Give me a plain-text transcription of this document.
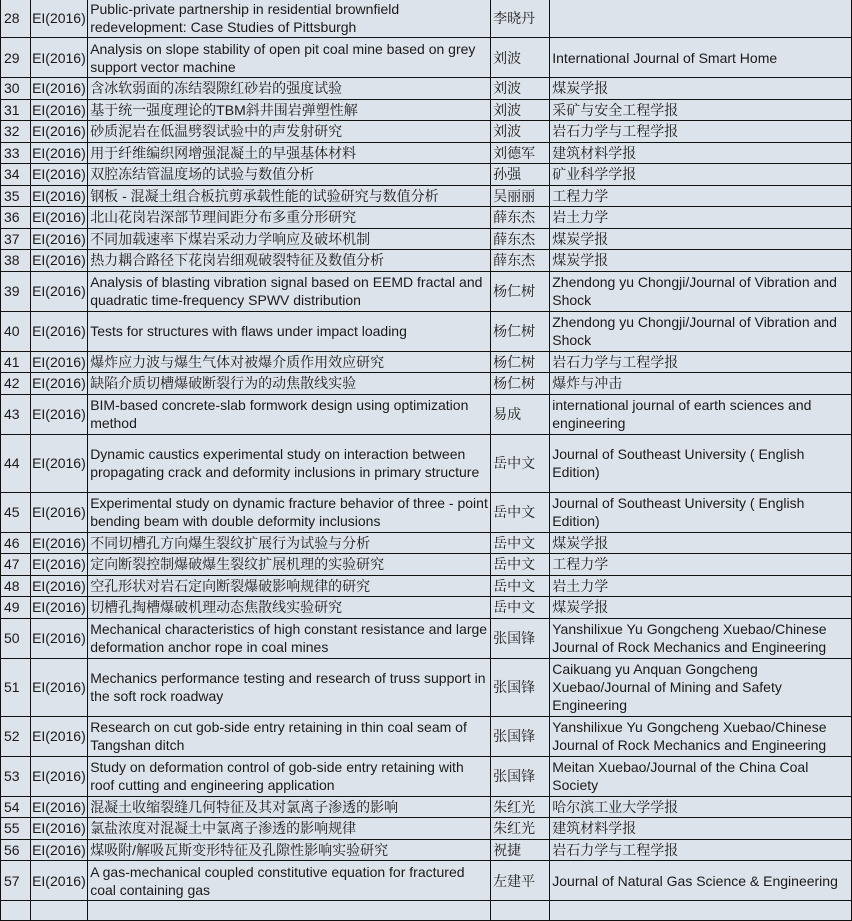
28	EI(2016)	Public-private partnership in residential brownfield redevelopment: Case Studies of Pittsburgh	李晓丹	
29	EI(2016)	Analysis on slope stability of open pit coal mine based on grey support vector machine	刘波	International Journal of Smart Home
30	EI(2016)	含冰软弱面的冻结裂隙红砂岩的强度试验	刘波	煤炭学报
31	EI(2016)	基于统一强度理论的TBM斜井围岩弹塑性解	刘波	采矿与安全工程学报
32	EI(2016)	砂质泥岩在低温劈裂试验中的声发射研究	刘波	岩石力学与工程学报
33	EI(2016)	用于纤维编织网增强混凝土的早强基体材料	刘德军	建筑材料学报
34	EI(2016)	双腔冻结管温度场的试验与数值分析	孙强	矿业科学学报
35	EI(2016)	钢板 - 混凝土组合板抗剪承载性能的试验研究与数值分析	吴丽丽	工程力学
36	EI(2016)	北山花岗岩深部节理间距分布多重分形研究	薛东杰	岩土力学
37	EI(2016)	不同加载速率下煤岩采动力学响应及破坏机制	薛东杰	煤炭学报
38	EI(2016)	热力耦合路径下花岗岩细观破裂特征及数值分析	薛东杰	煤炭学报
39	EI(2016)	Analysis of blasting vibration signal based on EEMD fractal and quadratic time-frequency SPWV distribution	杨仁树	Zhendong yu Chongji/Journal of Vibration and Shock
40	EI(2016)	Tests for structures with flaws under impact loading	杨仁树	Zhendong yu Chongji/Journal of Vibration and Shock
41	EI(2016)	爆炸应力波与爆生气体对被爆介质作用效应研究	杨仁树	岩石力学与工程学报
42	EI(2016)	缺陷介质切槽爆破断裂行为的动焦散线实验	杨仁树	爆炸与冲击
43	EI(2016)	BIM-based concrete-slab formwork design using optimization method	易成	international journal of earth sciences and engineering
44	EI(2016)	Dynamic caustics experimental study on interaction between propagating crack and deformity inclusions in primary structure	岳中文	Journal of Southeast University ( English Edition)
45	EI(2016)	Experimental study on dynamic fracture behavior of three - point bending beam with double deformity inclusions	岳中文	Journal of Southeast University ( English Edition)
46	EI(2016)	不同切槽孔方向爆生裂纹扩展行为试验与分析	岳中文	煤炭学报
47	EI(2016)	定向断裂控制爆破爆生裂纹扩展机理的实验研究	岳中文	工程力学
48	EI(2016)	空孔形状对岩石定向断裂爆破影响规律的研究	岳中文	岩土力学
49	EI(2016)	切槽孔掏槽爆破机理动态焦散线实验研究	岳中文	煤炭学报
50	EI(2016)	Mechanical characteristics of high constant resistance and large deformation anchor rope in coal mines	张国锋	Yanshilixue Yu Gongcheng Xuebao/Chinese Journal of Rock Mechanics and Engineering
51	EI(2016)	Mechanics performance testing and research of truss support in the soft rock roadway	张国锋	Caikuang yu Anquan Gongcheng Xuebao/Journal of Mining and Safety Engineering
52	EI(2016)	Research on cut gob-side entry retaining in thin coal seam of Tangshan ditch	张国锋	Yanshilixue Yu Gongcheng Xuebao/Chinese Journal of Rock Mechanics and Engineering
53	EI(2016)	Study on deformation control of gob-side entry retaining with roof cutting and engineering application	张国锋	Meitan Xuebao/Journal of the China Coal Society
54	EI(2016)	混凝土收缩裂缝几何特征及其对氯离子渗透的影响	朱红光	哈尔滨工业大学学报
55	EI(2016)	氯盐浓度对混凝土中氯离子渗透的影响规律	朱红光	建筑材料学报
56	EI(2016)	煤吸附/解吸瓦斯变形特征及孔隙性影响实验研究	祝捷	岩石力学与工程学报
57	EI(2016)	A gas-mechanical coupled constitutive equation for fractured coal containing gas	左建平	Journal of Natural Gas Science & Engineering
